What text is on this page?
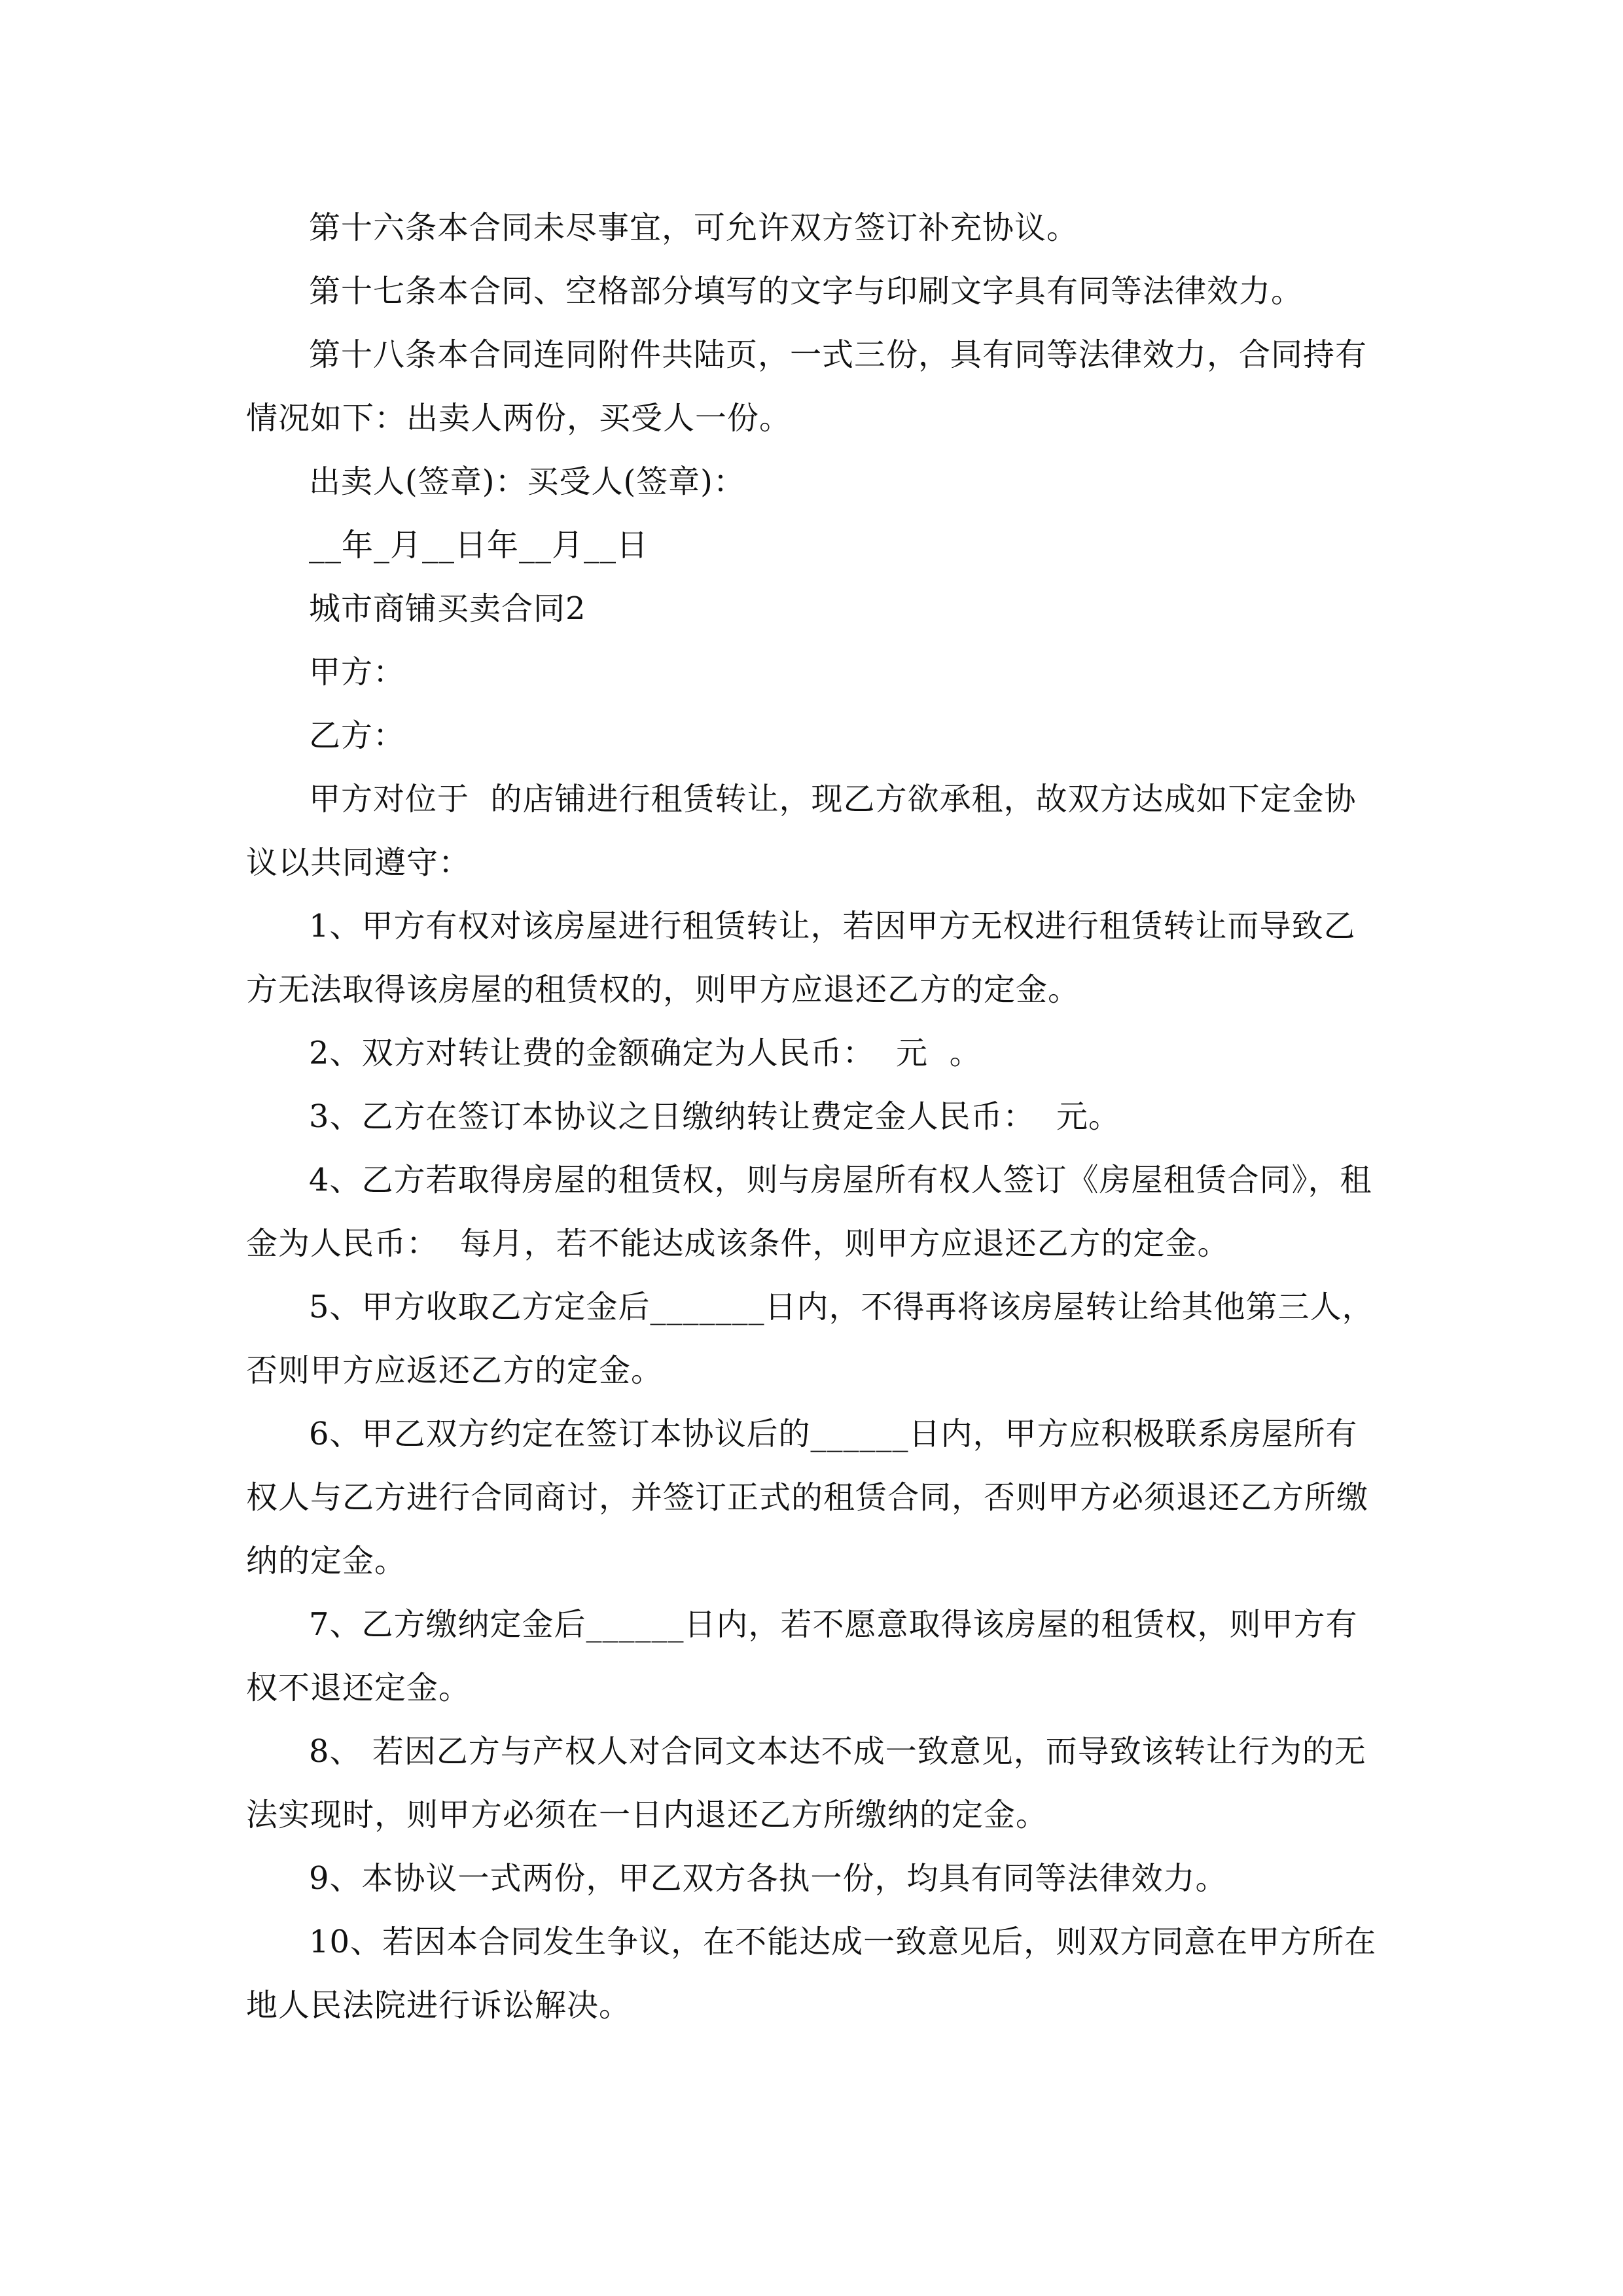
第十六条本合同未尽事宜，可允许双方签订补充协议。
第十七条本合同、空格部分填写的文字与印刷文字具有同等法律效力。
第十八条本合同连同附件共陆页，一式三份，具有同等法律效力，合同持有
情况如下：出卖人两份，买受人一份。
出卖人(签章)：买受人(签章)：
__年_月__日年__月__日
城市商铺买卖合同2
甲方：
乙方：
甲方对位于  的店铺进行租赁转让，现乙方欲承租，故双方达成如下定金协
议以共同遵守：
1、甲方有权对该房屋进行租赁转让，若因甲方无权进行租赁转让而导致乙
方无法取得该房屋的租赁权的，则甲方应退还乙方的定金。
2、双方对转让费的金额确定为人民币：  元  。
3、乙方在签订本协议之日缴纳转让费定金人民币：  元。
4、乙方若取得房屋的租赁权，则与房屋所有权人签订《房屋租赁合同》，租
金为人民币：  每月，若不能达成该条件，则甲方应退还乙方的定金。
5、甲方收取乙方定金后_______日内，不得再将该房屋转让给其他第三人，
否则甲方应返还乙方的定金。
6、甲乙双方约定在签订本协议后的______日内，甲方应积极联系房屋所有
权人与乙方进行合同商讨，并签订正式的租赁合同，否则甲方必须退还乙方所缴
纳的定金。
7、乙方缴纳定金后______日内，若不愿意取得该房屋的租赁权，则甲方有
权不退还定金。
8、 若因乙方与产权人对合同文本达不成一致意见，而导致该转让行为的无
法实现时，则甲方必须在一日内退还乙方所缴纳的定金。
9、本协议一式两份，甲乙双方各执一份，均具有同等法律效力。
10、若因本合同发生争议，在不能达成一致意见后，则双方同意在甲方所在
地人民法院进行诉讼解决。
